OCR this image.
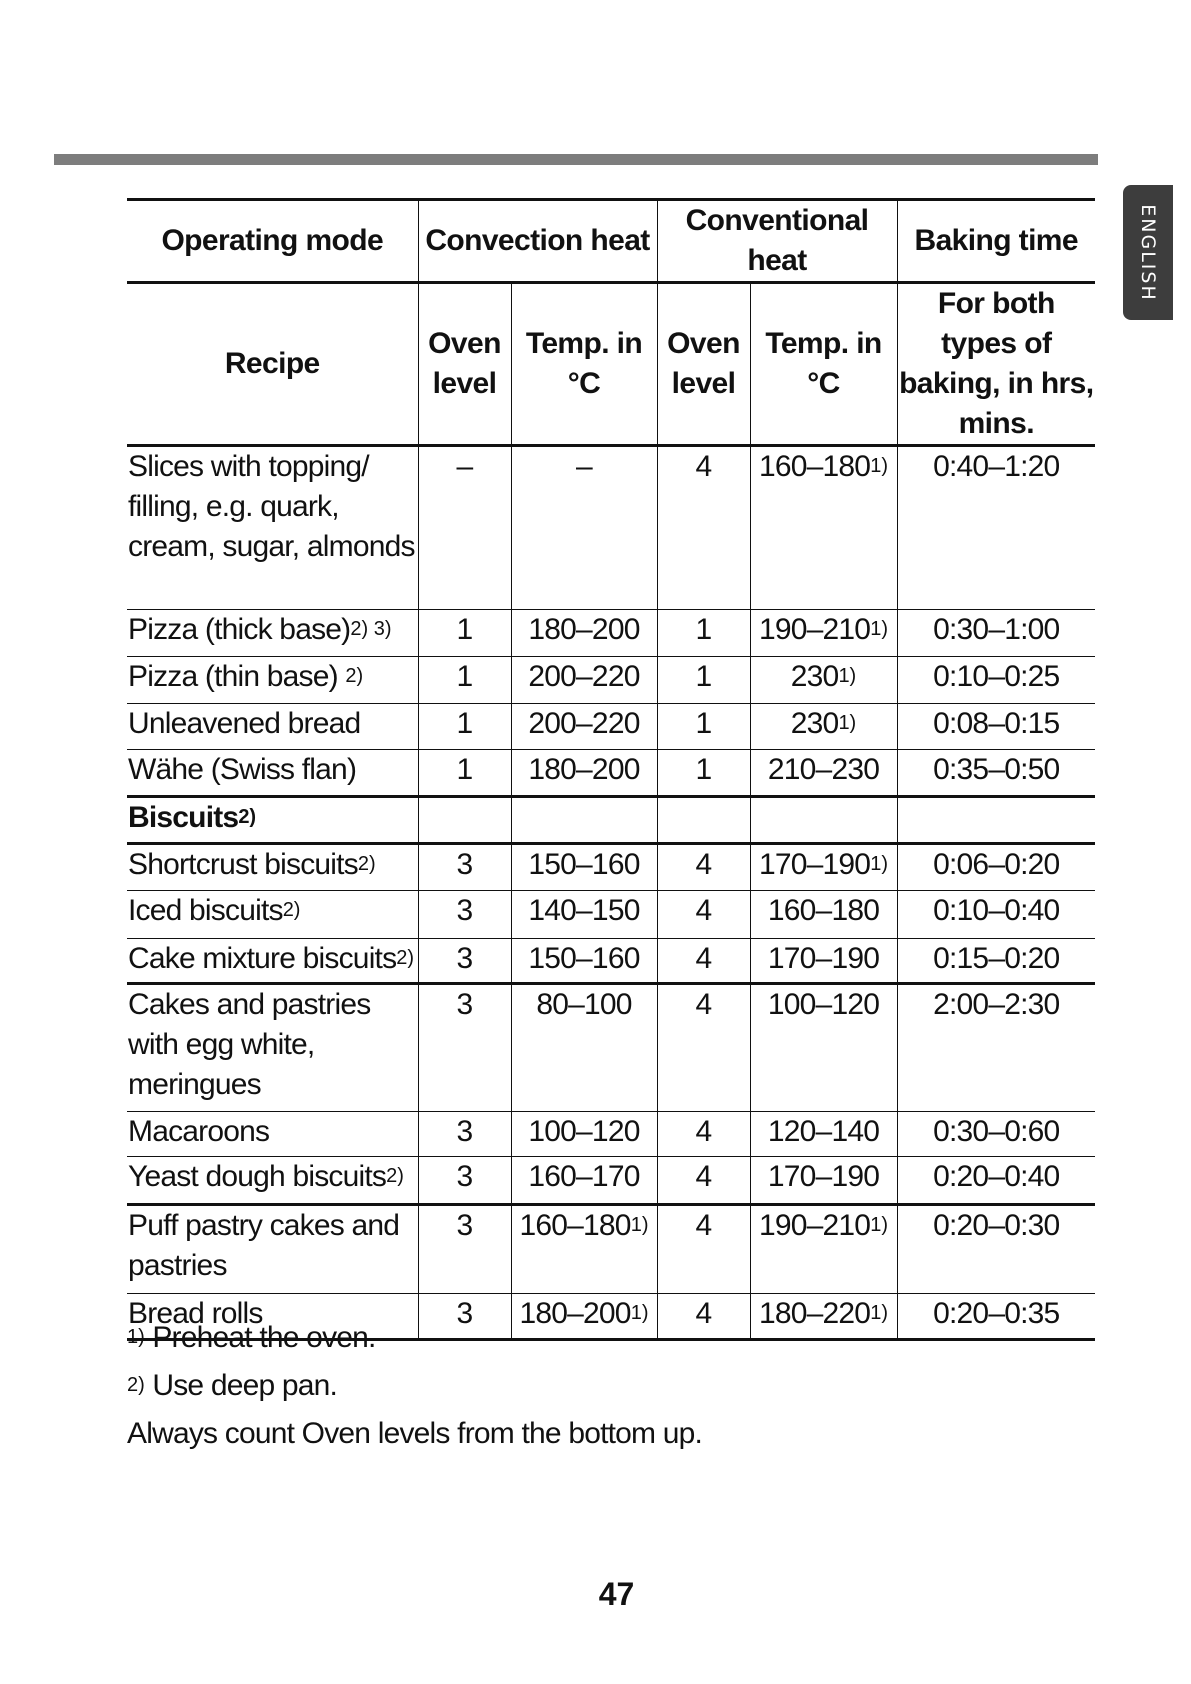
ENGLISH
Operating mode	Convection heat		Conventional heat		Baking time
Recipe	Oven level	Temp. in °C	Oven level	Temp. in °C	For both types of baking, in hrs, mins.
Slices with topping/ filling, e.g. quark, cream, sugar, almonds	–	–	4	160–180$^{1)}$	0:40–1:20
Pizza (thick base)$^{2) 3)}$	1	180–200	1	190–210$^{1)}$	0:30–1:00
Pizza (thin base) $^{2)}$	1	200–220	1	230$^{1)}$	0:10–0:25
Unleavened bread	1	200–220	1	230$^{1)}$	0:08–0:15
Wähe (Swiss flan)	1	180–200	1	210–230	0:35–0:50
Biscuits$^{2)}$					
Shortcrust biscuits$^{2)}$	3	150–160	4	170–190$^{1)}$	0:06–0:20
Iced biscuits$^{2)}$	3	140–150	4	160–180	0:10–0:40
Cake mixture biscuits$^{2)}$	3	150–160	4	170–190	0:15–0:20
Cakes and pastries with egg white, meringues	3	80–100	4	100–120	2:00–2:30
Macaroons	3	100–120	4	120–140	0:30–0:60
Yeast dough biscuits$^{2)}$	3	160–170	4	170–190	0:20–0:40
Puff pastry cakes and pastries	3	160–180$^{1)}$	4	190–210$^{1)}$	0:20–0:30
Bread rolls	3	180–200$^{1)}$	4	180–220$^{1)}$	0:20–0:35

$^{1)}$ Preheat the oven.

$^{2)}$ Use deep pan.

Always count Oven levels from the bottom up.

47
